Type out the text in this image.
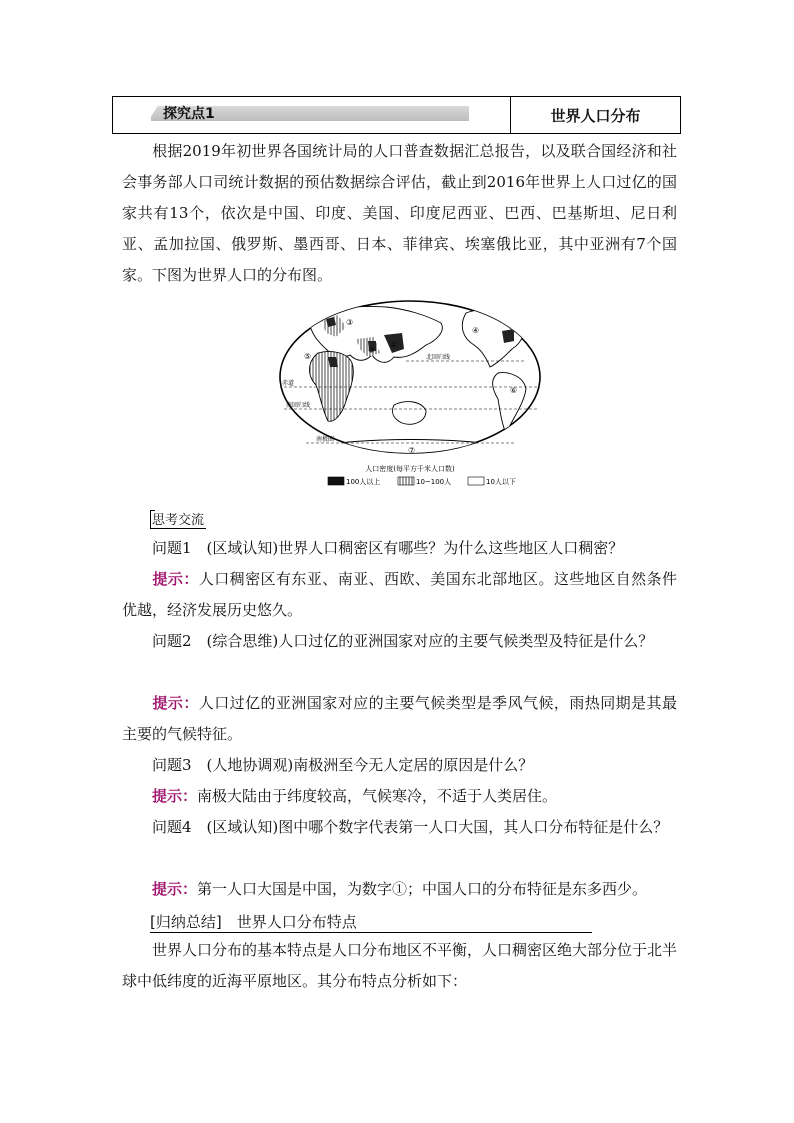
探究点1	世界人口分布
根据2019年初世界各国统计局的人口普查数据汇总报告，以及联合国经济和社会事务部人口司统计数据的预估数据综合评估，截止到2016年世界上人口过亿的国家共有13个，依次是中国、印度、美国、印度尼西亚、巴西、巴基斯坦、尼日利亚、孟加拉国、俄罗斯、墨西哥、日本、菲律宾、埃塞俄比亚，其中亚洲有7个国家。下图为世界人口的分布图。
北回归线
赤道
南回归线
南极圈
①
②
③
④
⑤
⑥
⑦
人口密度(每平方千米人口数)
100人以上	10~100人	10人以下
思考交流
问题1　(区域认知)世界人口稠密区有哪些？为什么这些地区人口稠密？
提示：人口稠密区有东亚、南亚、西欧、美国东北部地区。这些地区自然条件优越，经济发展历史悠久。
问题2　(综合思维)人口过亿的亚洲国家对应的主要气候类型及特征是什么？
提示：人口过亿的亚洲国家对应的主要气候类型是季风气候，雨热同期是其最主要的气候特征。
问题3　(人地协调观)南极洲至今无人定居的原因是什么？
提示：南极大陆由于纬度较高，气候寒冷，不适于人类居住。
问题4　(区域认知)图中哪个数字代表第一人口大国，其人口分布特征是什么？
提示：第一人口大国是中国，为数字①；中国人口的分布特征是东多西少。
[归纳总结]　 世界人口分布特点
世界人口分布的基本特点是人口分布地区不平衡，人口稠密区绝大部分位于北半球中低纬度的近海平原地区。其分布特点分析如下：
